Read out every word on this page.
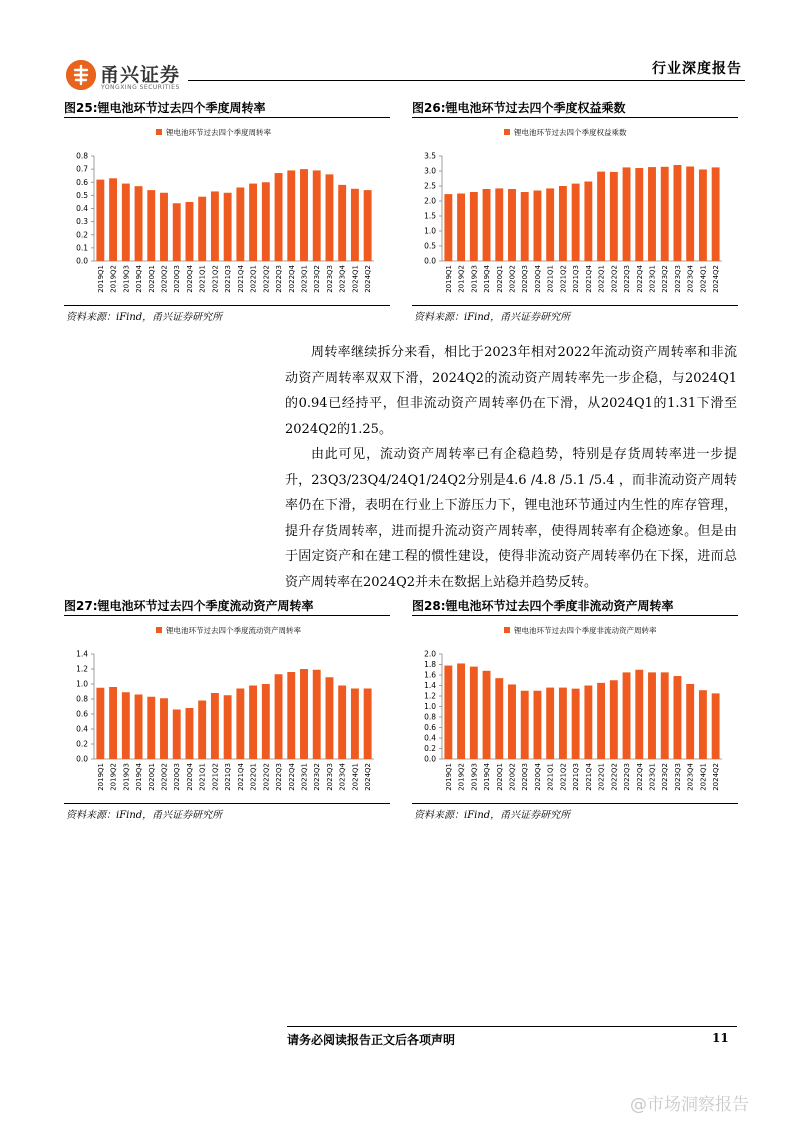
甬兴证券
YONGXING SECURITIES
行业深度报告
图25:锂电池环节过去四个季度周转率	图26:锂电池环节过去四个季度权益乘数
锂电池环节过去四个季度周转率
0.0
0.1
0.2
0.3
0.4
0.5
0.6
0.7
0.8
2019Q1 2019Q2 2019Q3 2019Q4 2020Q1 2020Q2 2020Q3 2020Q4 2021Q1 2021Q2 2021Q3 2021Q4 2022Q1 2022Q2 2022Q3 2022Q4 2023Q1 2023Q2 2023Q3 2023Q4 2024Q1 2024Q2
锂电池环节过去四个季度权益乘数
0.0
0.5
1.0
1.5
2.0
2.5
3.0
3.5
2019Q1 2019Q2 2019Q3 2019Q4 2020Q1 2020Q2 2020Q3 2020Q4 2021Q1 2021Q2 2021Q3 2021Q4 2022Q1 2022Q2 2022Q3 2022Q4 2023Q1 2023Q2 2023Q3 2023Q4 2024Q1 2024Q2
资料来源：iFind，甬兴证券研究所	资料来源：iFind，甬兴证券研究所

周转率继续拆分来看，相比于2023年相对2022年流动资产周转率和非流动资产周转率双双下滑，2024Q2的流动资产周转率先一步企稳，与2024Q1的0.94已经持平，但非流动资产周转率仍在下滑，从2024Q1的1.31下滑至2024Q2的1.25。

由此可见，流动资产周转率已有企稳趋势，特别是存货周转率进一步提升，23Q3/23Q4/24Q1/24Q2分别是4.6 /4.8 /5.1 /5.4 ，而非流动资产周转率仍在下滑，表明在行业上下游压力下，锂电池环节通过内生性的库存管理，提升存货周转率，进而提升流动资产周转率，使得周转率有企稳迹象。但是由于固定资产和在建工程的惯性建设，使得非流动资产周转率仍在下探，进而总资产周转率在2024Q2并未在数据上站稳并趋势反转。

图27:锂电池环节过去四个季度流动资产周转率	图28:锂电池环节过去四个季度非流动资产周转率
锂电池环节过去四个季度流动资产周转率
0.0
0.2
0.4
0.6
0.8
1.0
1.2
1.4
2019Q1 2019Q2 2019Q3 2019Q4 2020Q1 2020Q2 2020Q3 2020Q4 2021Q1 2021Q2 2021Q3 2021Q4 2022Q1 2022Q2 2022Q3 2022Q4 2023Q1 2023Q2 2023Q3 2023Q4 2024Q1 2024Q2
锂电池环节过去四个季度非流动资产周转率
0.0
0.2
0.4
0.6
0.8
1.0
1.2
1.4
1.6
1.8
2.0
2019Q1 2019Q2 2019Q3 2019Q4 2020Q1 2020Q2 2020Q3 2020Q4 2021Q1 2021Q2 2021Q3 2021Q4 2022Q1 2022Q2 2022Q3 2022Q4 2023Q1 2023Q2 2023Q3 2023Q4 2024Q1 2024Q2
资料来源：iFind，甬兴证券研究所	资料来源：iFind，甬兴证券研究所
请务必阅读报告正文后各项声明	11
@市场洞察报告
